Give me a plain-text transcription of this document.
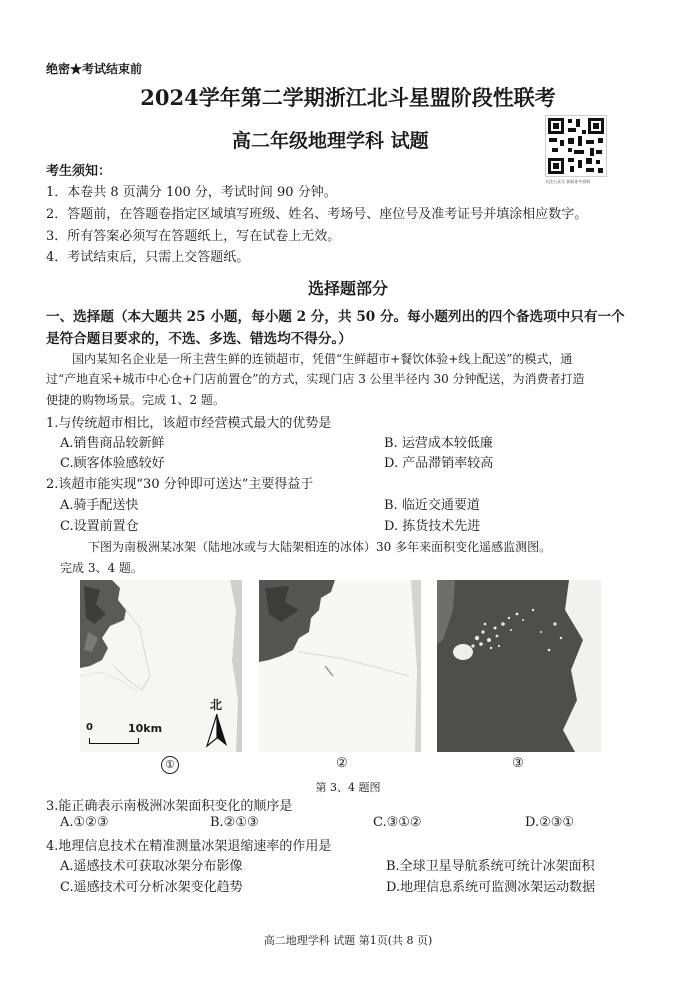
绝密★考试结束前
2024学年第二学期浙江北斗星盟阶段性联考
高二年级地理学科 试题
关注公众号 获取更多资料
考生须知：
1．本卷共 8 页满分 100 分，考试时间 90 分钟。
2．答题前，在答题卷指定区域填写班级、姓名、考场号、座位号及准考证号并填涂相应数字。
3．所有答案必须写在答题纸上，写在试卷上无效。
4．考试结束后，只需上交答题纸。
选择题部分
一、选择题（本大题共 25 小题，每小题 2 分，共 50 分。每小题列出的四个备选项中只有一个
是符合题目要求的，不选、多选、错选均不得分。）
国内某知名企业是一所主营生鲜的连锁超市，凭借“生鲜超市+餐饮体验+线上配送”的模式，通
过“产地直采+城市中心仓+门店前置仓”的方式，实现门店 3 公里半径内 30 分钟配送，为消费者打造
便捷的购物场景。完成 1、2 题。
1.与传统超市相比，该超市经营模式最大的优势是
A.销售商品较新鲜	B. 运营成本较低廉
C.顾客体验感较好	D. 产品滞销率较高
2.该超市能实现“30 分钟即可送达”主要得益于
A.骑手配送快	B. 临近交通要道
C.设置前置仓	D. 拣货技术先进
下图为南极洲某冰架（陆地冰或与大陆架相连的冰体）30 多年来面积变化遥感监测图。
完成 3、4 题。
0	10km
北
①	②	③
第 3、4 题图
3.能正确表示南极洲冰架面积变化的顺序是
A.①②③	B.②①③	C.③①②	D.②③①
4.地理信息技术在精准测量冰架退缩速率的作用是
A.遥感技术可获取冰架分布影像	B.全球卫星导航系统可统计冰架面积
C.遥感技术可分析冰架变化趋势	D.地理信息系统可监测冰架运动数据
高二地理学科 试题 第1页(共 8 页)
